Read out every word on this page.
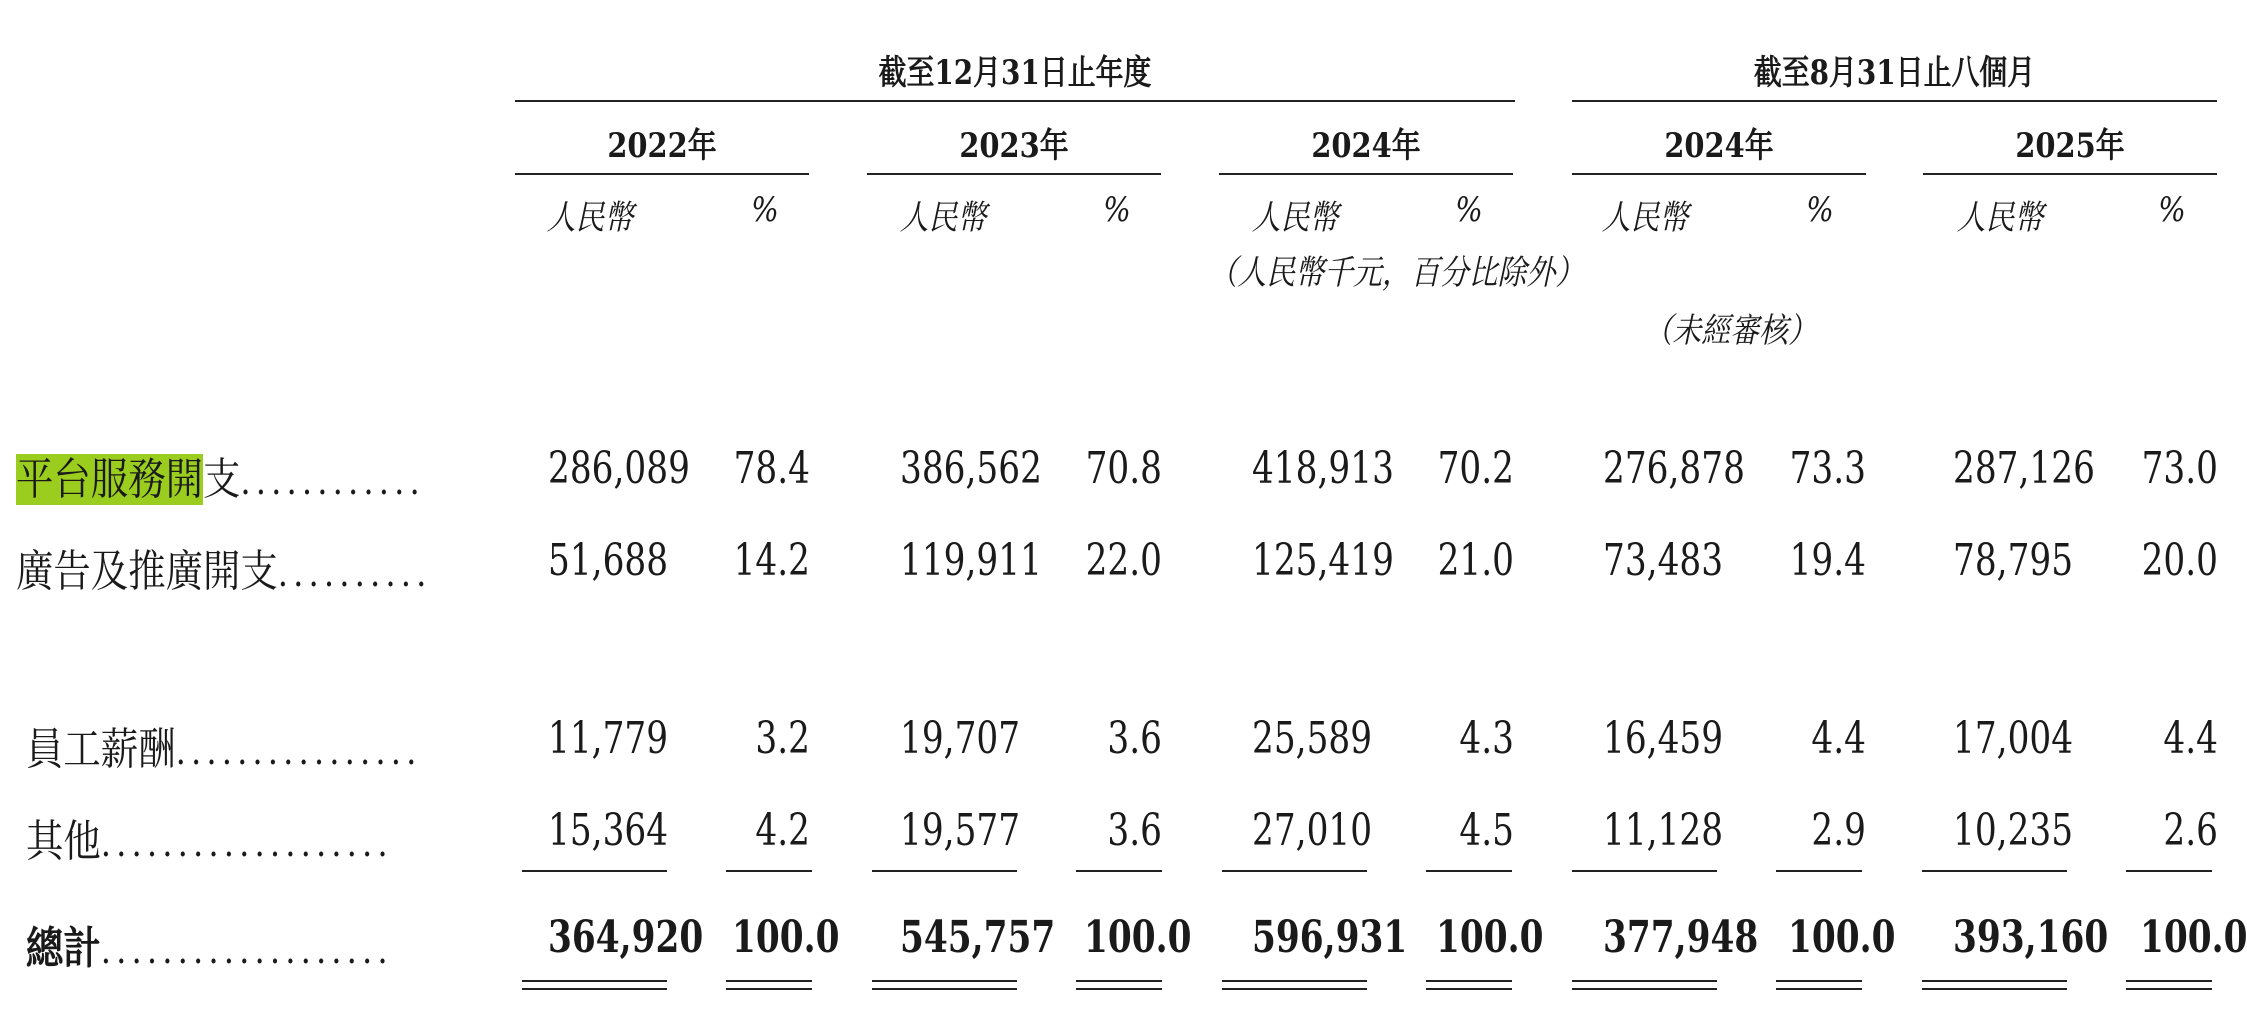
截至12月31日止年度	截至8月31日止八個月
2022年	2023年	2024年	2024年	2025年
人民幣	%	人民幣	%	人民幣	%	人民幣	%	人民幣	%
（人民幣千元，百分比除外）
（未經審核）
平台服務開支............	286,089 78.4 386,562 70.8 418,913 70.2 276,878 73.3 287,126 73.0
廣告及推廣開支..........	51,688 14.2 119,911 22.0 125,419 21.0 73,483 19.4 78,795 20.0
員工薪酬................	11,779	3.2 19,707	3.6 25,589	4.3 16,459	4.4 17,004	4.4
其他...................	15,364	4.2 19,577	3.6 27,010	4.5 11,128	2.9 10,235	2.6
總計...................	364,920 100.0 545,757 100.0 596,931 100.0 377,948 100.0 393,160 100.0
